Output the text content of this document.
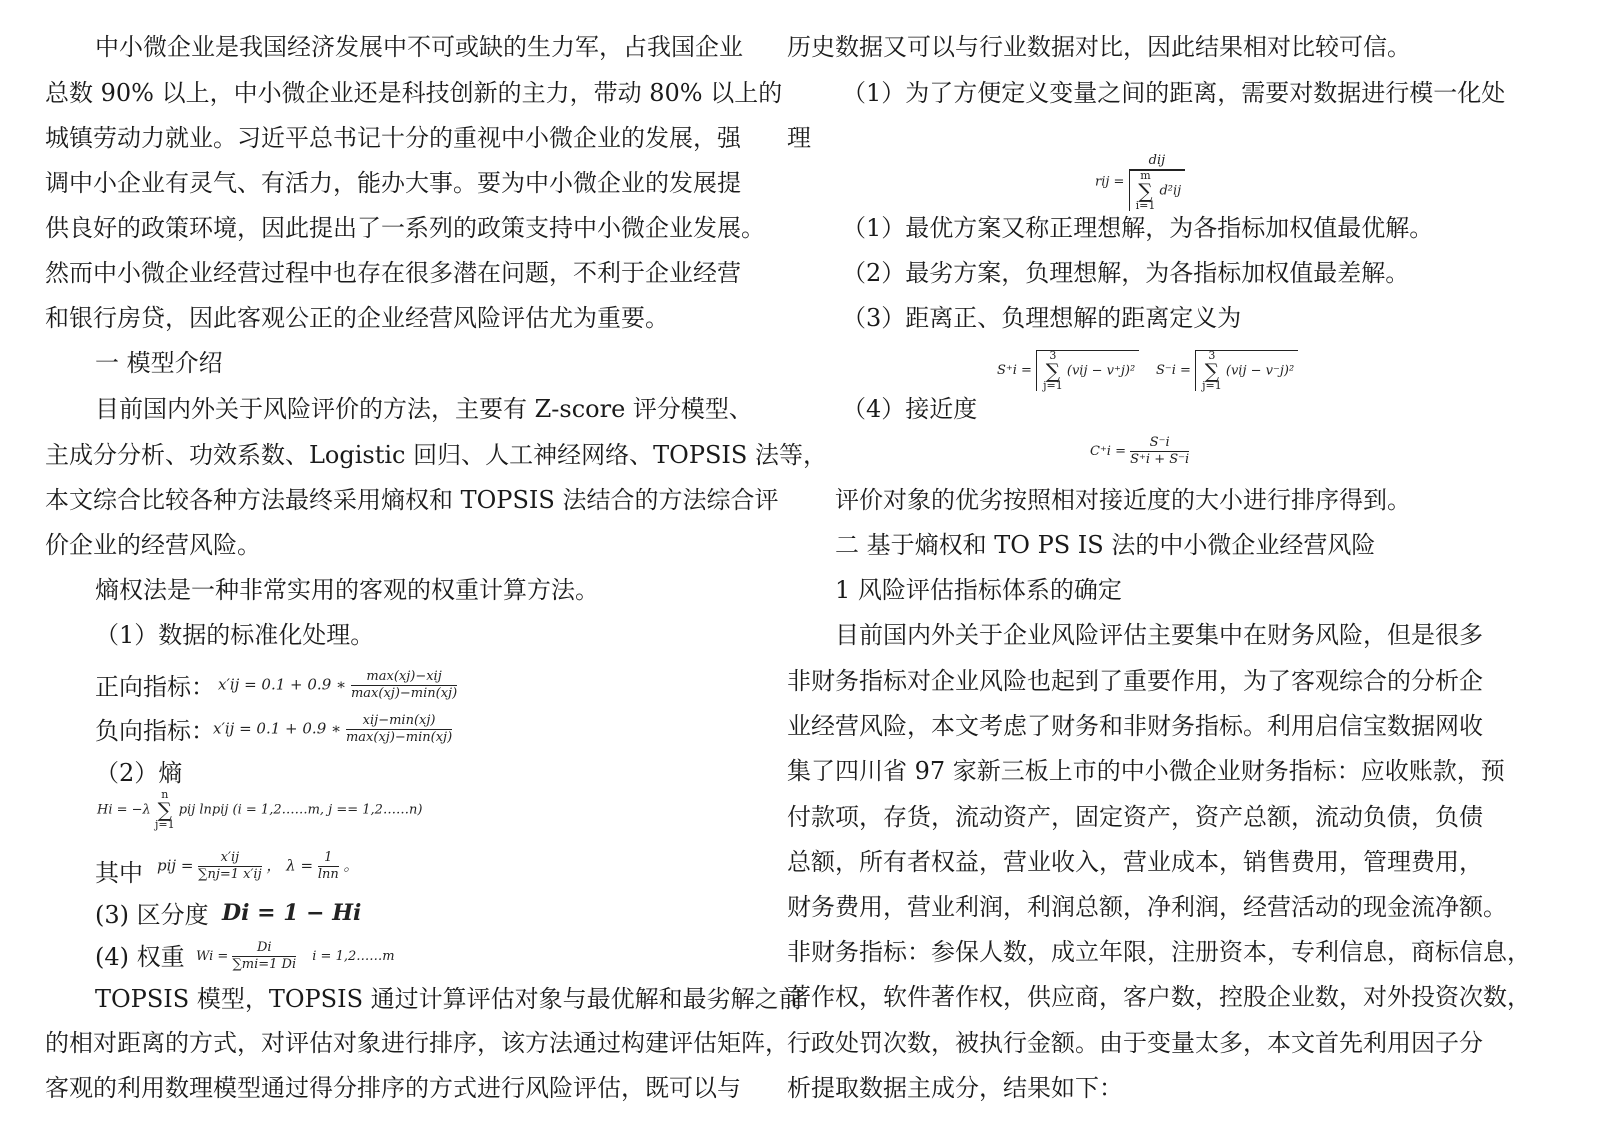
中小微企业是我国经济发展中不可或缺的生力军，占我国企业
总数 90% 以上，中小微企业还是科技创新的主力，带动 80% 以上的
城镇劳动力就业。习近平总书记十分的重视中小微企业的发展，强
调中小企业有灵气、有活力，能办大事。要为中小微企业的发展提
供良好的政策环境，因此提出了一系列的政策支持中小微企业发展。
然而中小微企业经营过程中也存在很多潜在问题，不利于企业经营
和银行房贷，因此客观公正的企业经营风险评估尤为重要。
一 模型介绍
目前国内外关于风险评价的方法，主要有 Z-score 评分模型、
主成分分析、功效系数、Logistic 回归、人工神经网络、TOPSIS 法等，
本文综合比较各种方法最终采用熵权和 TOPSIS 法结合的方法综合评
价企业的经营风险。
熵权法是一种非常实用的客观的权重计算方法。
（1）数据的标准化处理。
正向指标： x′ij = 0.1 + 0.9 ∗ $\frac{\text{max(xj)−xij}}{\max(xj)-\min(xj)}$
负向指标：
x′ij = 0.1 + 0.9 ∗ $\frac{\text{xij−min(xj)}}{\max(xj)-\min(xj)}$
（2）熵
Hi = −λ n
∑
j=1 pij lnpij (i = 1,2……m, j == 1,2……n)
其中 pij = $\frac{x'ij}{\sum nj=1 x'ij}$ ， $\lambda = \frac{1}{\ln n}$ 。
(3) 区分度 Di = 1 − Hi
(4) 权重 $Wi = \frac{Di}{\sum mi=1 Di}$ i = 1,2……m
TOPSIS 模型，TOPSIS 通过计算评估对象与最优解和最劣解之前
的相对距离的方式，对评估对象进行排序，该方法通过构建评估矩阵，
客观的利用数理模型通过得分排序的方式进行风险评估，既可以与
历史数据又可以与行业数据对比，因此结果相对比较可信。
（1）为了方便定义变量之间的距离，需要对数据进行模一化处
理
rij = dij
m
∑
i=1 d²ij
（1）最优方案又称正理想解，为各指标加权值最优解。
（2）最劣方案，负理想解，为各指标加权值最差解。
（3）距离正、负理想解的距离定义为
S⁺i = 3
∑
j=1 (vij − v⁺j)²	S⁻i = 3
∑
j=1 (vij − v⁻j)²
（4）接近度
$C^+i = \frac{S^-i}{S^+i + S^-i}$
评价对象的优劣按照相对接近度的大小进行排序得到。
二 基于熵权和 TO PS IS 法的中小微企业经营风险
1 风险评估指标体系的确定
目前国内外关于企业风险评估主要集中在财务风险，但是很多
非财务指标对企业风险也起到了重要作用，为了客观综合的分析企
业经营风险，本文考虑了财务和非财务指标。利用启信宝数据网收
集了四川省 97 家新三板上市的中小微企业财务指标：应收账款，预
付款项，存货，流动资产，固定资产，资产总额，流动负债，负债
总额，所有者权益，营业收入，营业成本，销售费用，管理费用，
财务费用，营业利润，利润总额，净利润，经营活动的现金流净额。
非财务指标：参保人数，成立年限，注册资本，专利信息，商标信息，
著作权，软件著作权，供应商，客户数，控股企业数，对外投资次数，
行政处罚次数，被执行金额。由于变量太多，本文首先利用因子分
析提取数据主成分，结果如下：
